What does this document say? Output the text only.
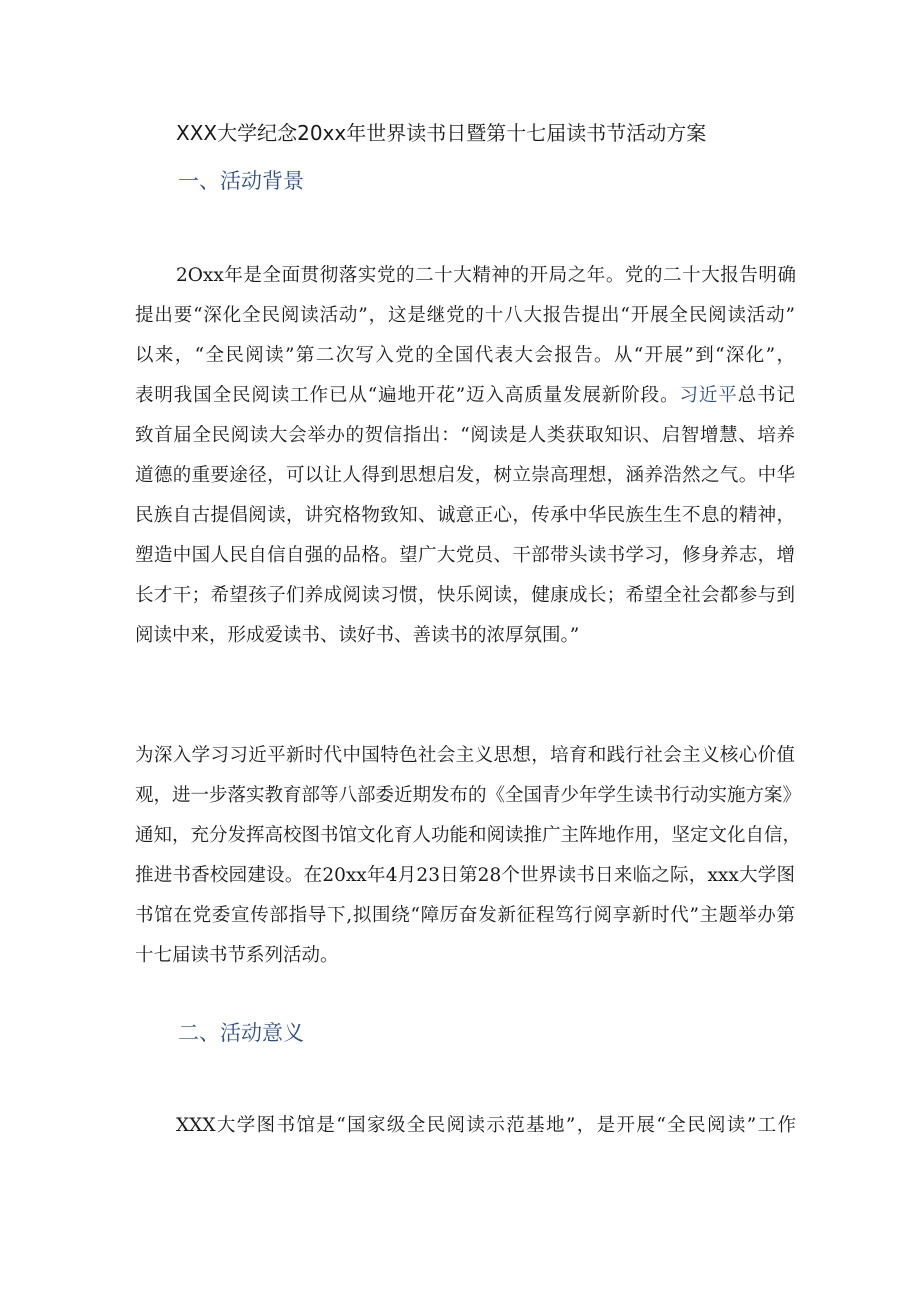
XXX大学纪念20xx年世界读书日暨第十七届读书节活动方案
一、活动背景
2Oxx年是全面贯彻落实党的二十大精神的开局之年。党的二十大报告明确
提出要“深化全民阅读活动”，这是继党的十八大报告提出“开展全民阅读活动”
以来，“全民阅读”第二次写入党的全国代表大会报告。从“开展”到“深化”，
表明我国全民阅读工作已从“遍地开花”迈入高质量发展新阶段。习近平总书记
致首届全民阅读大会举办的贺信指出：“阅读是人类获取知识、启智增慧、培养
道德的重要途径，可以让人得到思想启发，树立崇高理想，涵养浩然之气。中华
民族自古提倡阅读，讲究格物致知、诚意正心，传承中华民族生生不息的精神，
塑造中国人民自信自强的品格。望广大党员、干部带头读书学习，修身养志，增
长才干；希望孩子们养成阅读习惯，快乐阅读，健康成长；希望全社会都参与到
阅读中来，形成爱读书、读好书、善读书的浓厚氛围。”
为深入学习习近平新时代中国特色社会主义思想，培育和践行社会主义核心价值
观，进一步落实教育部等八部委近期发布的《全国青少年学生读书行动实施方案》
通知，充分发挥高校图书馆文化育人功能和阅读推广主阵地作用，坚定文化自信，
推进书香校园建设。在20xx年4月23日第28个世界读书日来临之际，xxx大学图
书馆在党委宣传部指导下,拟围绕“障厉奋发新征程笃行阅享新时代”主题举办第
十七届读书节系列活动。
二、活动意义
XXX大学图书馆是“国家级全民阅读示范基地”，是开展“全民阅读”工作
